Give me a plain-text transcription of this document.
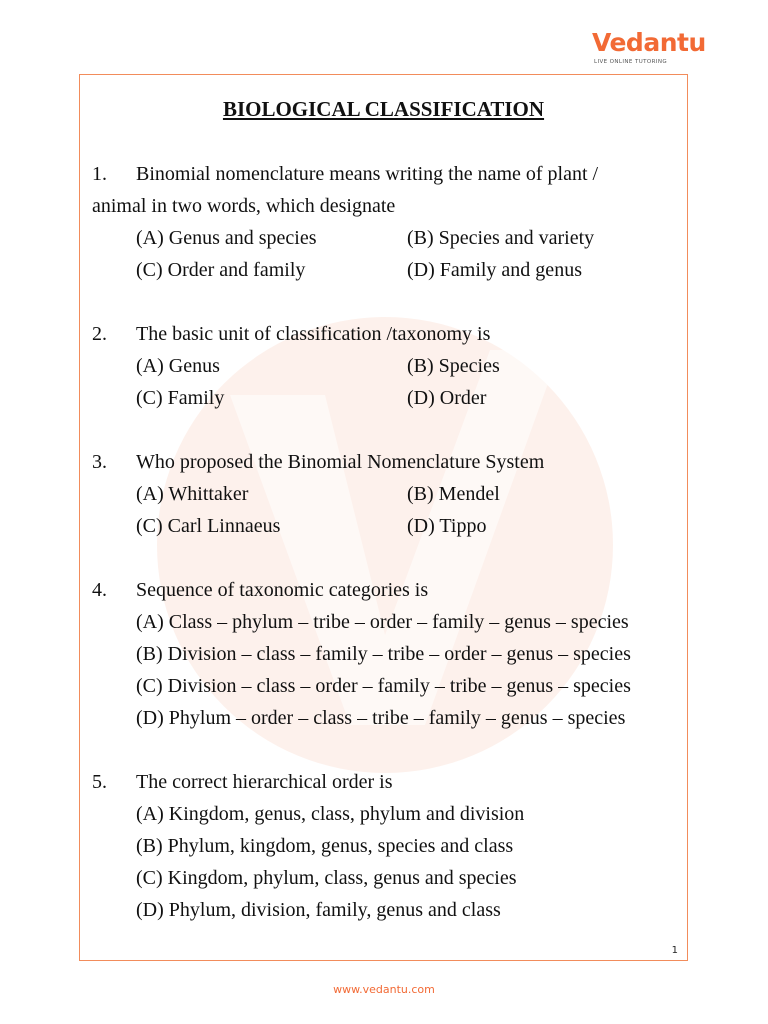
Vedantu
LIVE ONLINE TUTORING
BIOLOGICAL CLASSIFICATION
1. Binomial nomenclature means writing the name of plant /
animal in two words, which designate
(A) Genus and species	(B) Species and variety
(C) Order and family	(D) Family and genus
2. The basic unit of classification /taxonomy is
(A) Genus	(B) Species
(C) Family	(D) Order
3. Who proposed the Binomial Nomenclature System
(A) Whittaker	(B) Mendel
(C) Carl Linnaeus	(D) Tippo
4. Sequence of taxonomic categories is
(A) Class – phylum – tribe – order – family – genus – species
(B) Division – class – family – tribe – order – genus – species
(C) Division – class – order – family – tribe – genus – species
(D) Phylum – order – class – tribe – family – genus – species
5. The correct hierarchical order is
(A) Kingdom, genus, class, phylum and division
(B) Phylum, kingdom, genus, species and class
(C) Kingdom, phylum, class, genus and species
(D) Phylum, division, family, genus and class
1
www.vedantu.com
